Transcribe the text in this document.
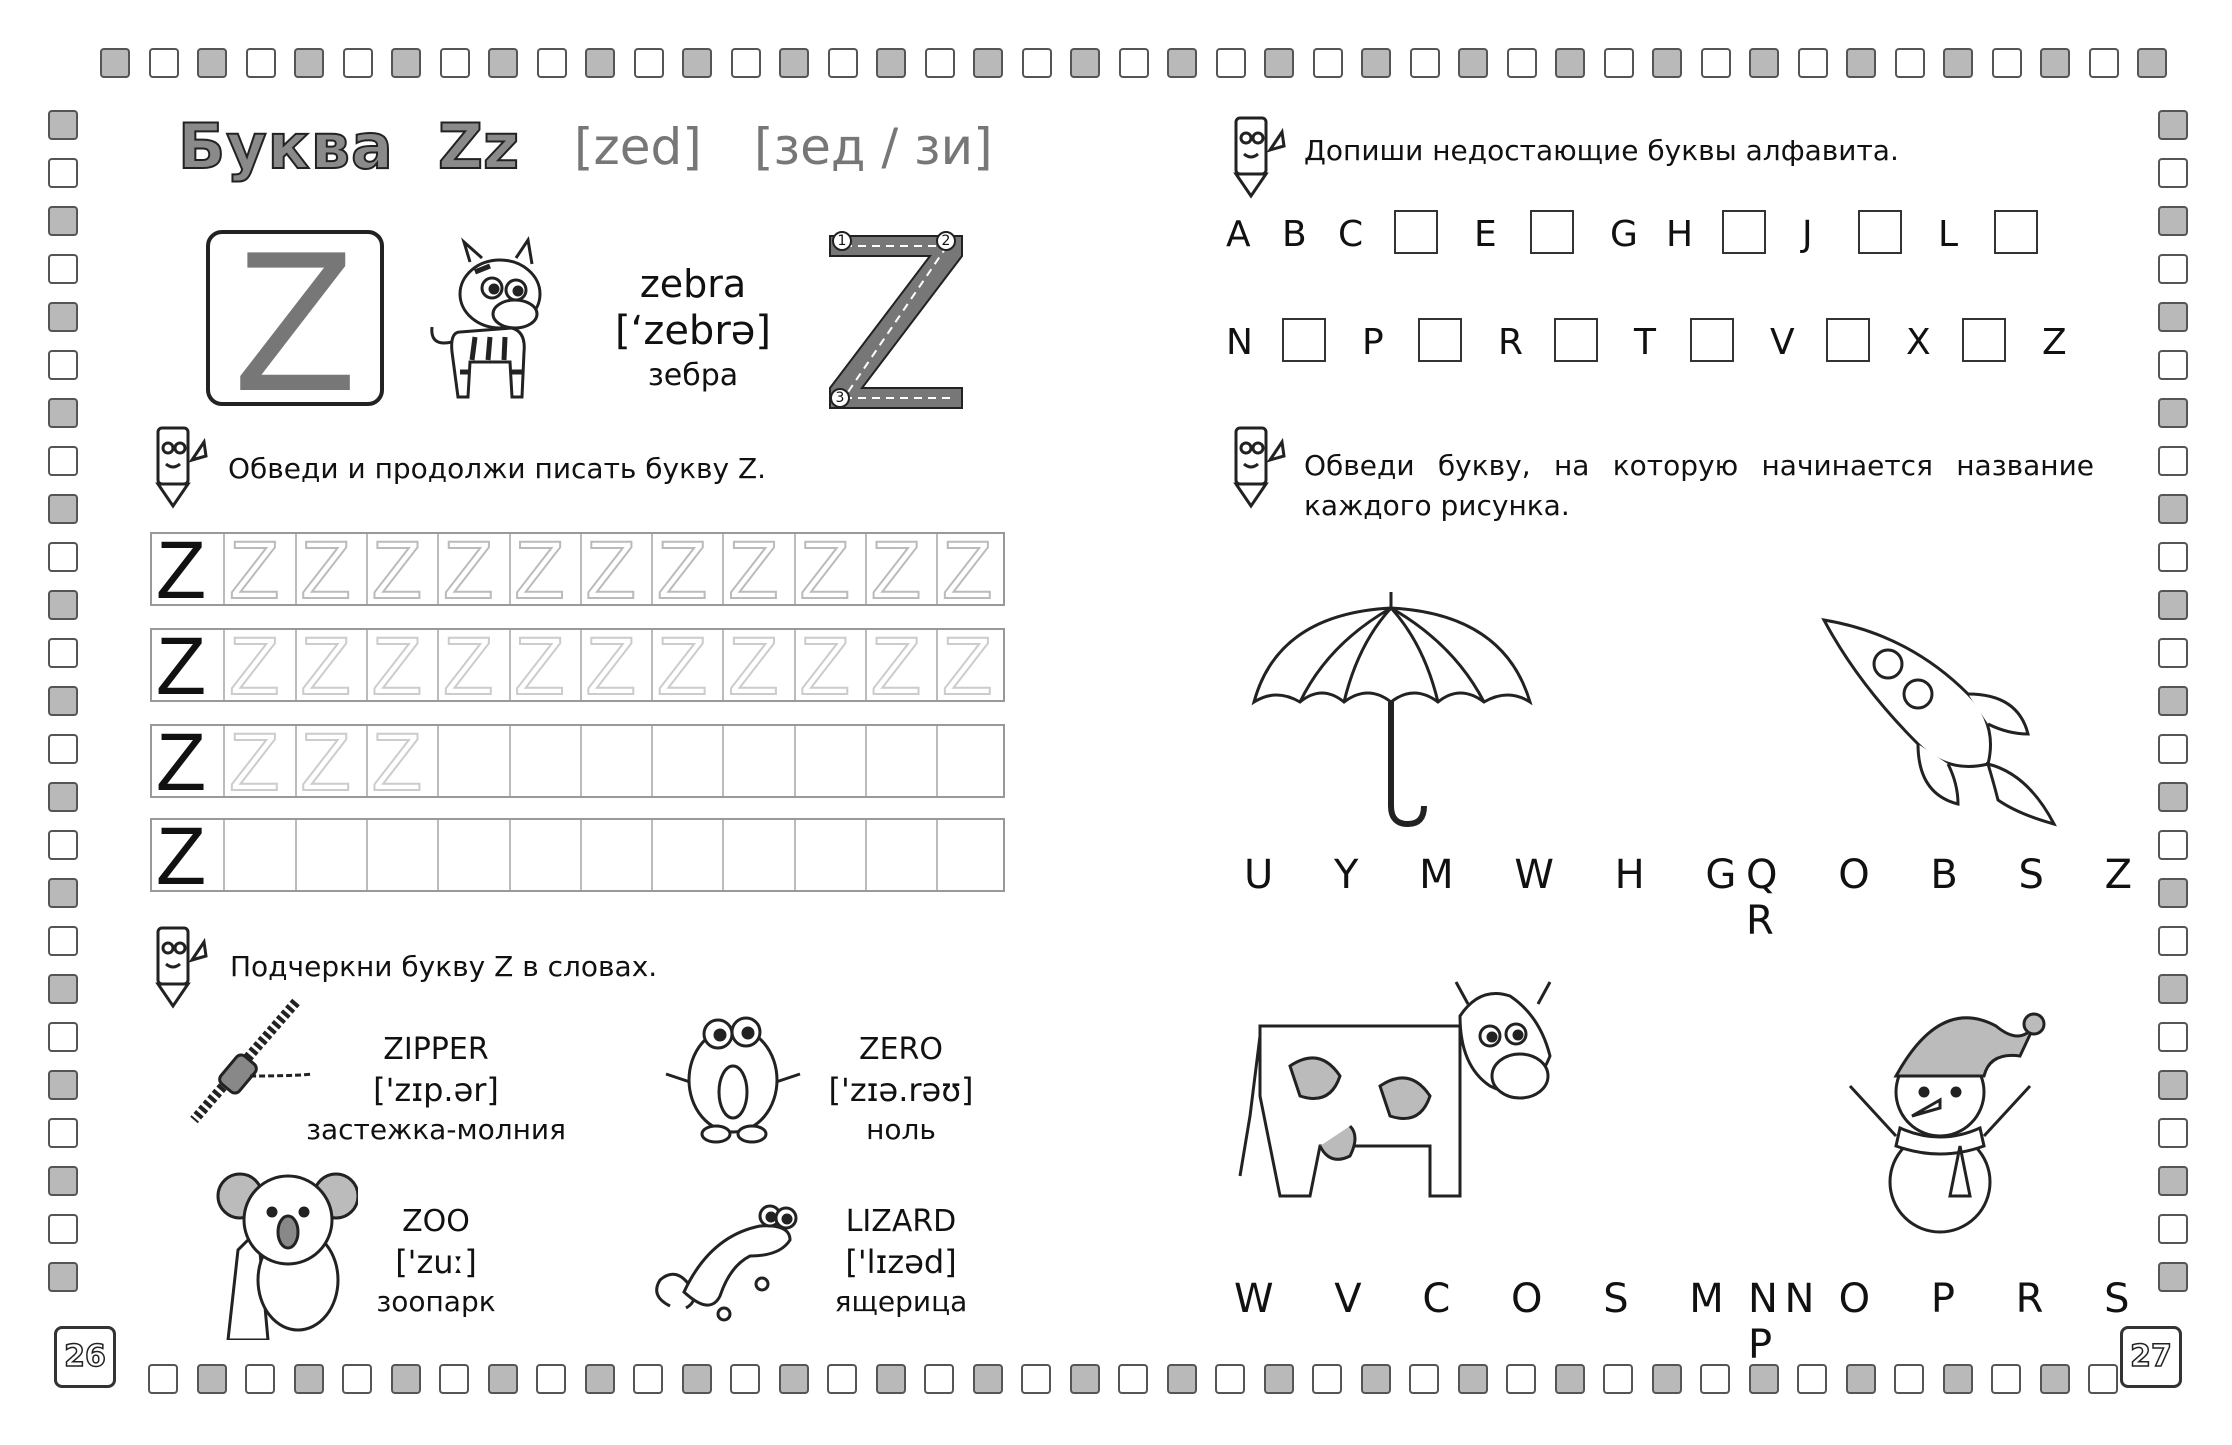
Буква Zz [zed] [зед / зи]
Z	zebra
[‘zebrə]
зебра
1	2
3
Обведи и продолжи писать букву Z.
Z Z Z Z Z Z Z Z Z Z Z Z
Z Z Z Z Z Z Z Z Z Z Z Z
Z Z Z Z
Z
Подчеркни букву Z в словах.
ZIPPER
['zɪp.ər]
застежка-молния
ZERO
['zɪə.rəʊ]
ноль
ZOO
['zuː]
зоопарк
LIZARD
['lɪzəd]
ящерица
26
Допиши недостающие буквы алфавита.
A B C	E	G H	J	L
N	P	R	T	V	X	Z
Обведи букву, на которую начинается название каждого рисунка.
U Y M W H G
Q O B S Z R
W V C O S M N
N O P R S P	27
